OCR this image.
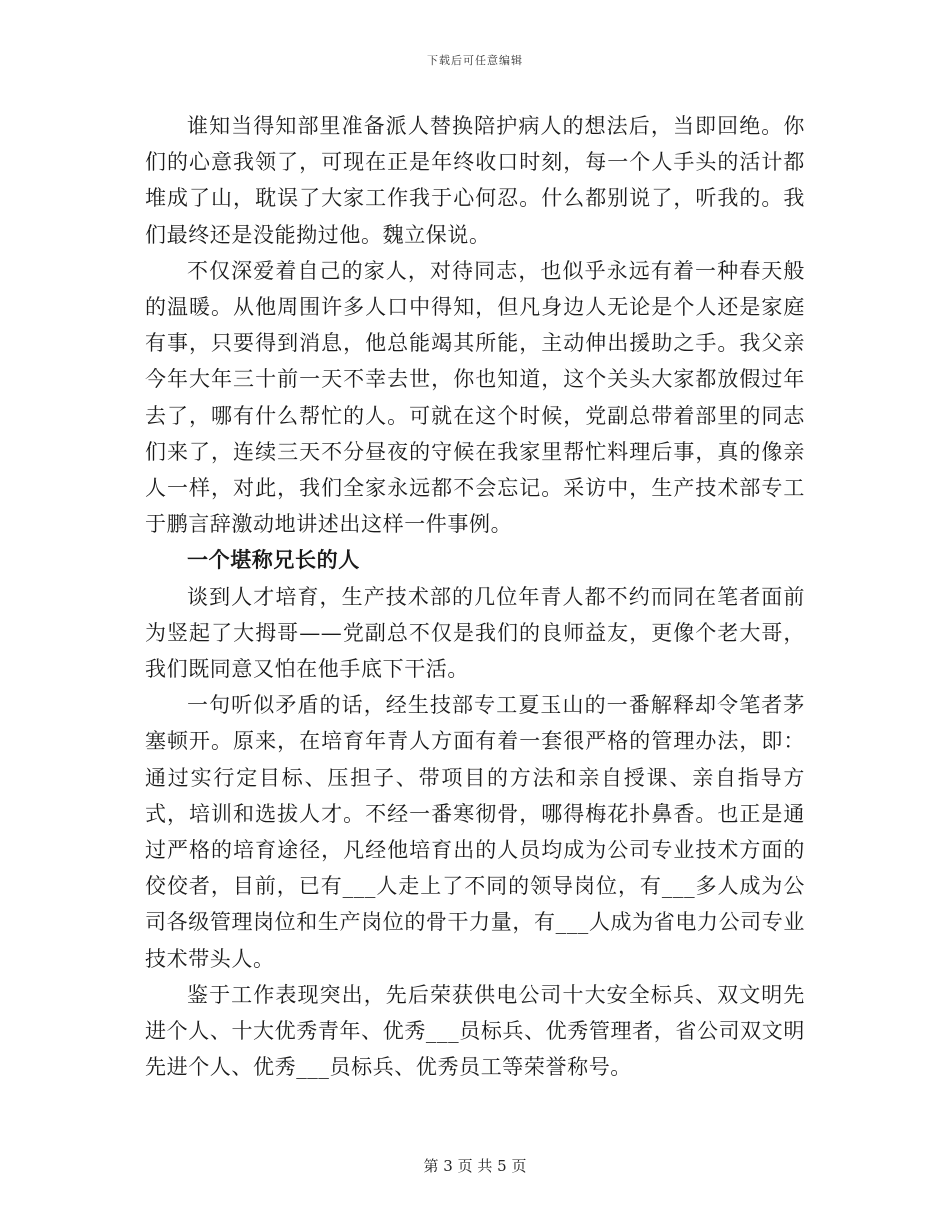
下载后可任意编辑

谁知当得知部里准备派人替换陪护病人的想法后，当即回绝。你们的心意我领了，可现在正是年终收口时刻，每一个人手头的活计都堆成了山，耽误了大家工作我于心何忍。什么都别说了，听我的。我们最终还是没能拗过他。魏立保说。

不仅深爱着自己的家人，对待同志，也似乎永远有着一种春天般的温暖。从他周围许多人口中得知，但凡身边人无论是个人还是家庭有事，只要得到消息，他总能竭其所能，主动伸出援助之手。我父亲今年大年三十前一天不幸去世，你也知道，这个关头大家都放假过年去了，哪有什么帮忙的人。可就在这个时候，党副总带着部里的同志们来了，连续三天不分昼夜的守候在我家里帮忙料理后事，真的像亲人一样，对此，我们全家永远都不会忘记。采访中，生产技术部专工于鹏言辞激动地讲述出这样一件事例。

一个堪称兄长的人

谈到人才培育，生产技术部的几位年青人都不约而同在笔者面前为竖起了大拇哥——党副总不仅是我们的良师益友，更像个老大哥，我们既同意又怕在他手底下干活。

一句听似矛盾的话，经生技部专工夏玉山的一番解释却令笔者茅塞顿开。原来，在培育年青人方面有着一套很严格的管理办法，即：通过实行定目标、压担子、带项目的方法和亲自授课、亲自指导方式，培训和选拔人才。不经一番寒彻骨，哪得梅花扑鼻香。也正是通过严格的培育途径，凡经他培育出的人员均成为公司专业技术方面的佼佼者，目前，已有___人走上了不同的领导岗位，有___多人成为公司各级管理岗位和生产岗位的骨干力量，有___人成为省电力公司专业技术带头人。

鉴于工作表现突出，先后荣获供电公司十大安全标兵、双文明先进个人、十大优秀青年、优秀___员标兵、优秀管理者，省公司双文明先进个人、优秀___员标兵、优秀员工等荣誉称号。

第 3 页 共 5 页
